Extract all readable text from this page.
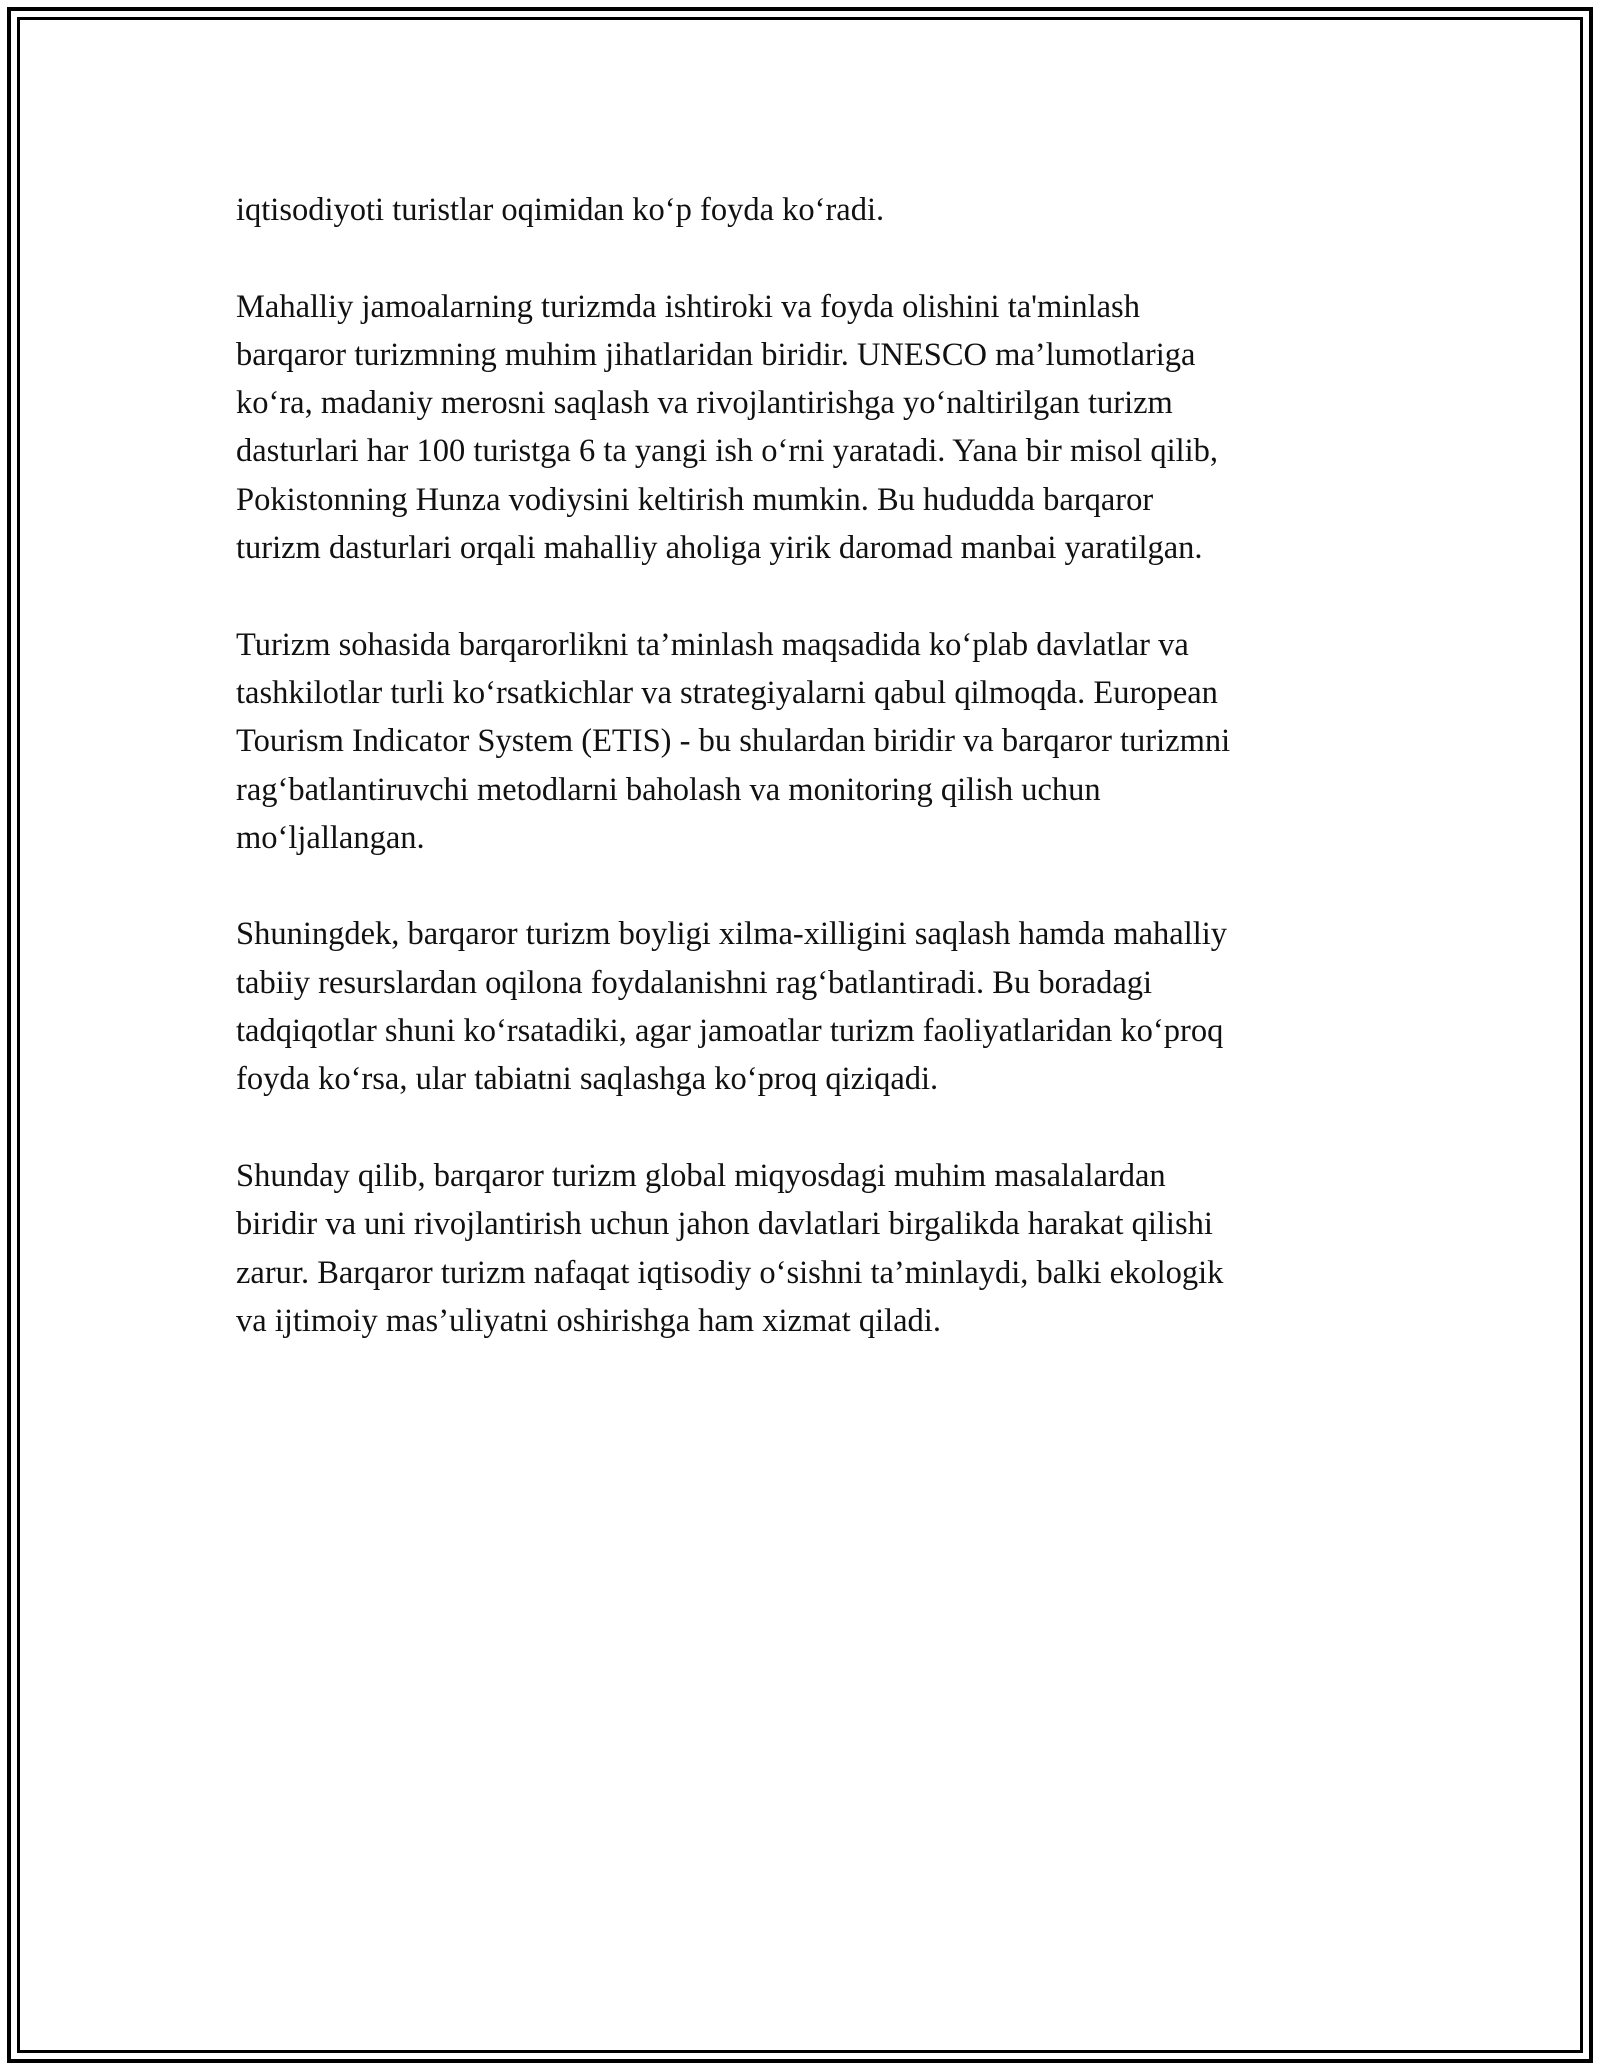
iqtisodiyoti turistlar oqimidan ko‘p foyda ko‘radi.

Mahalliy jamoalarning turizmda ishtiroki va foyda olishini ta'minlash

barqaror turizmning muhim jihatlaridan biridir. UNESCO ma’lumotlariga

ko‘ra, madaniy merosni saqlash va rivojlantirishga yo‘naltirilgan turizm

dasturlari har 100 turistga 6 ta yangi ish o‘rni yaratadi. Yana bir misol qilib,

Pokistonning Hunza vodiysini keltirish mumkin. Bu hududda barqaror

turizm dasturlari orqali mahalliy aholiga yirik daromad manbai yaratilgan.

Turizm sohasida barqarorlikni ta’minlash maqsadida ko‘plab davlatlar va

tashkilotlar turli ko‘rsatkichlar va strategiyalarni qabul qilmoqda. European

Tourism Indicator System (ETIS) - bu shulardan biridir va barqaror turizmni

rag‘batlantiruvchi metodlarni baholash va monitoring qilish uchun

mo‘ljallangan.

Shuningdek, barqaror turizm boyligi xilma-xilligini saqlash hamda mahalliy

tabiiy resurslardan oqilona foydalanishni rag‘batlantiradi. Bu boradagi

tadqiqotlar shuni ko‘rsatadiki, agar jamoatlar turizm faoliyatlaridan ko‘proq

foyda ko‘rsa, ular tabiatni saqlashga ko‘proq qiziqadi.

Shunday qilib, barqaror turizm global miqyosdagi muhim masalalardan

biridir va uni rivojlantirish uchun jahon davlatlari birgalikda harakat qilishi

zarur. Barqaror turizm nafaqat iqtisodiy o‘sishni ta’minlaydi, balki ekologik

va ijtimoiy mas’uliyatni oshirishga ham xizmat qiladi.
